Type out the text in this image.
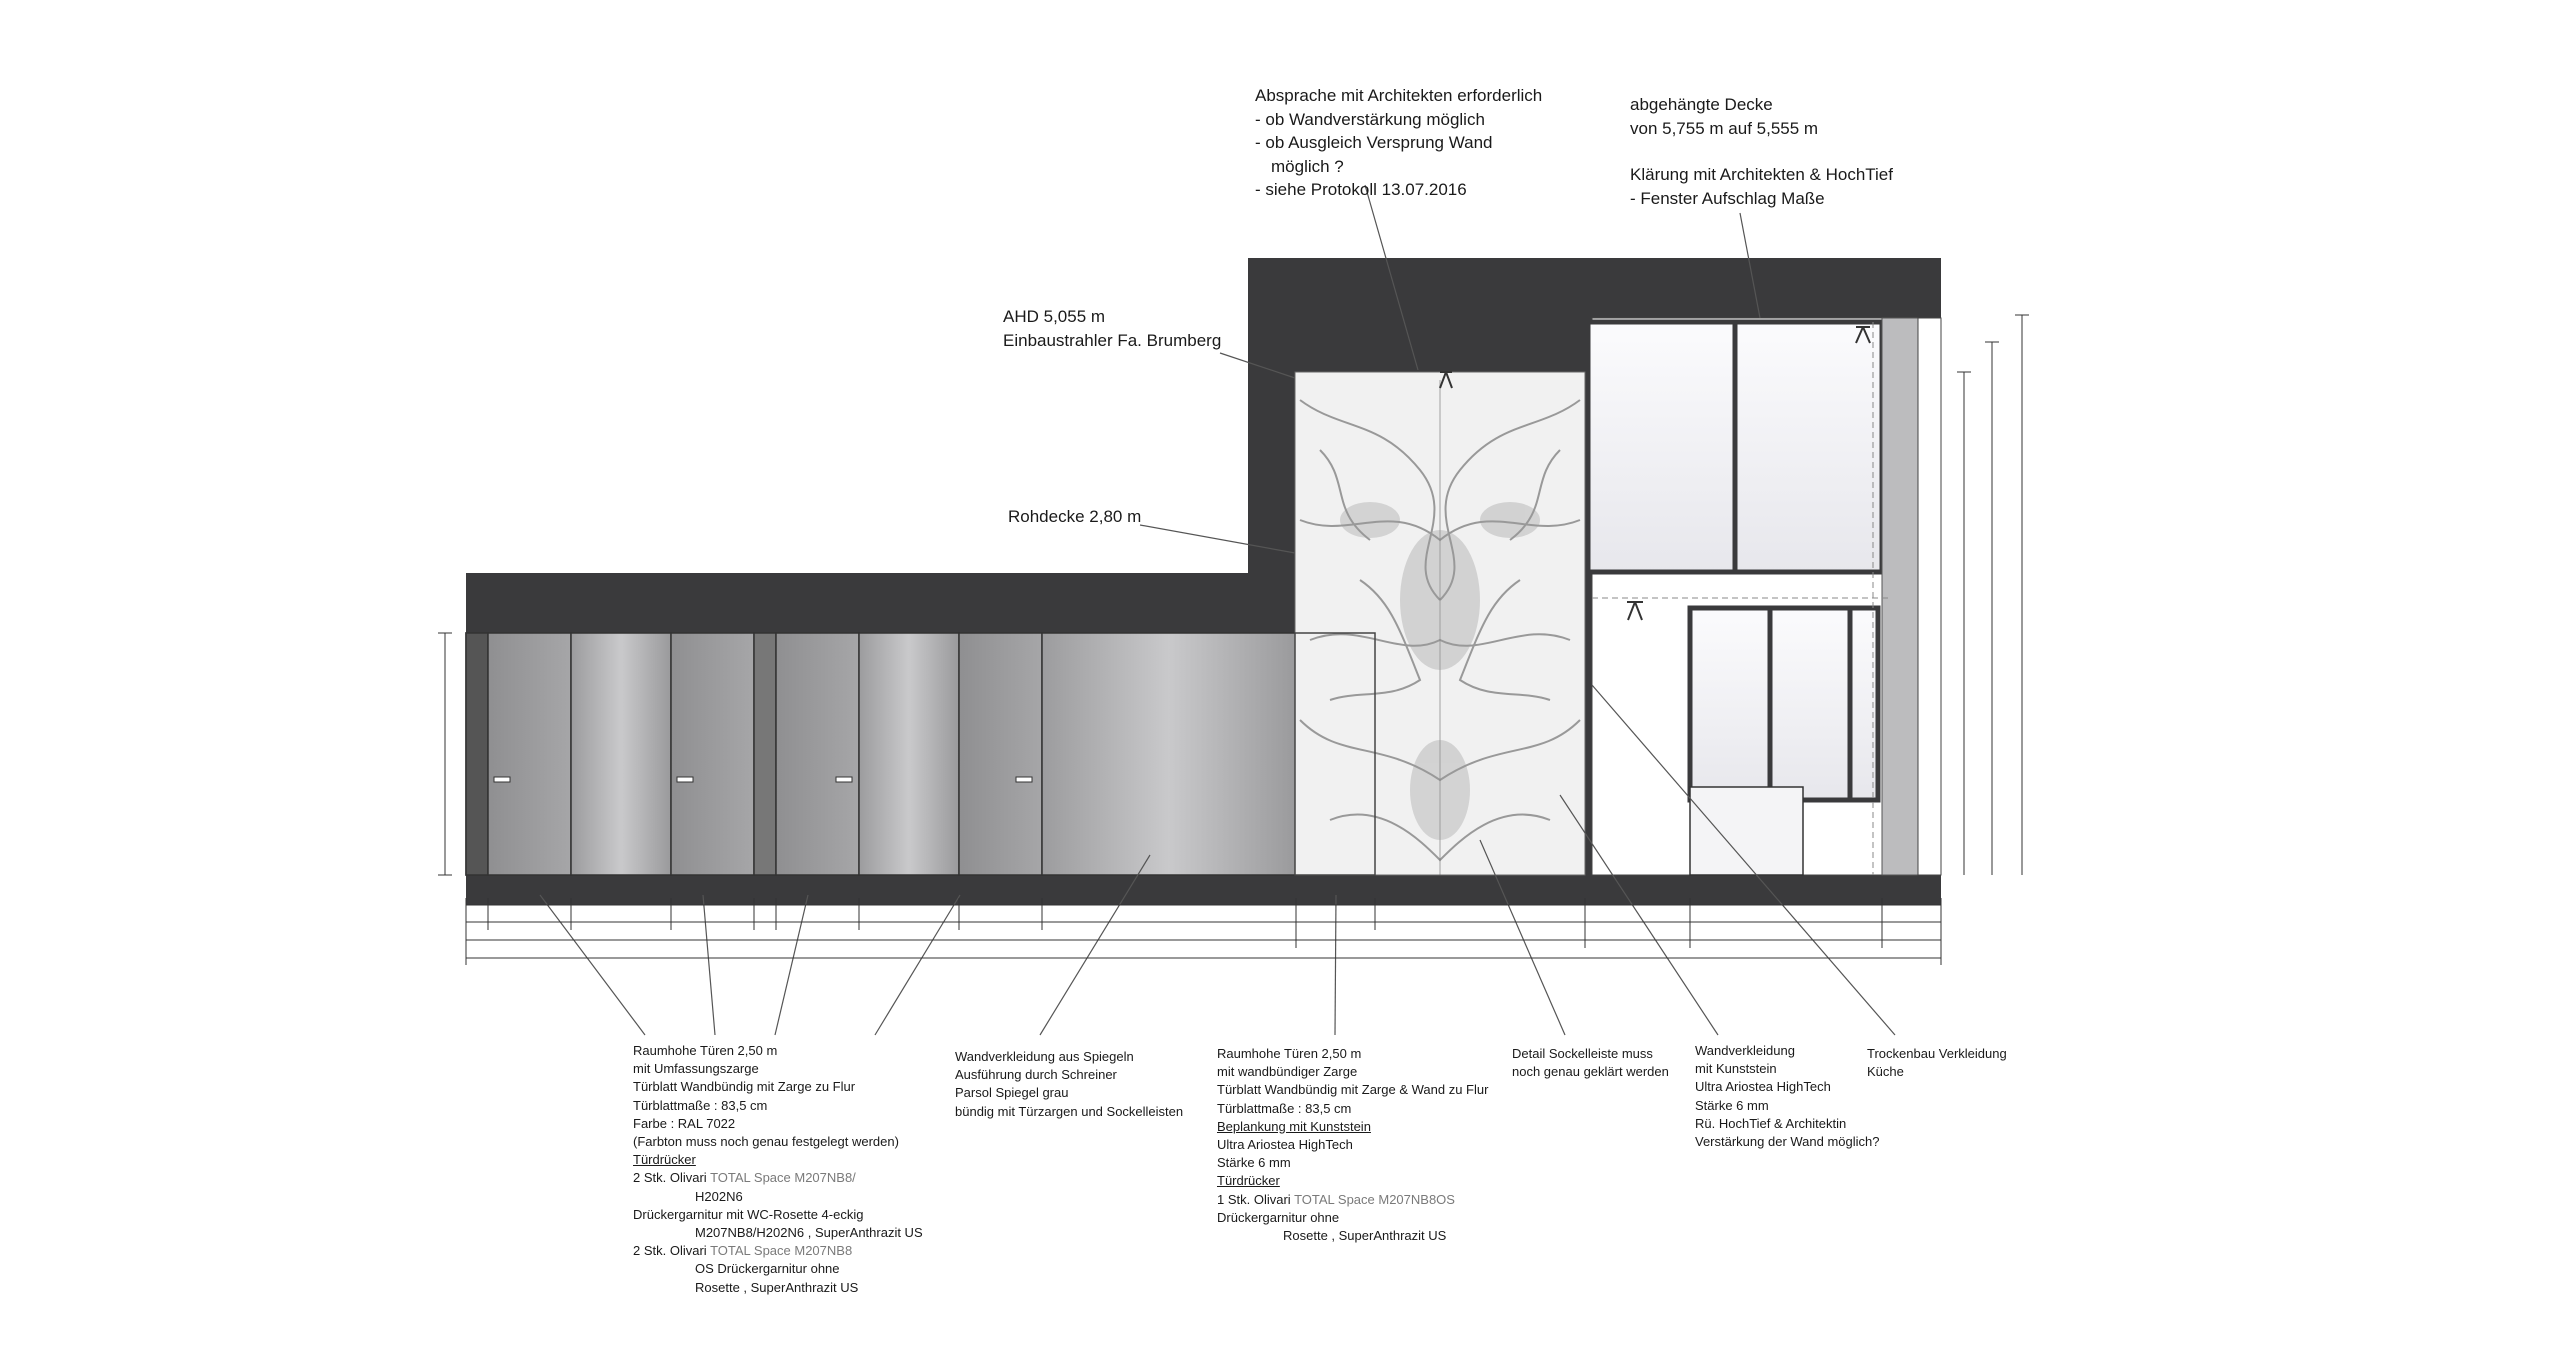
Absprache mit Architekten erforderlich
- ob Wandverstärkung möglich
- ob Ausgleich Versprung Wand
möglich ?
- siehe Protokoll 13.07.2016
abgehängte Decke
von 5,755 m auf 5,555 m
Klärung mit Architekten & HochTief
- Fenster Aufschlag Maße
AHD 5,055 m
Einbaustrahler Fa. Brumberg
Rohdecke 2,80 m
Raumhohe Türen 2,50 m
mit Umfassungszarge
Türblatt Wandbündig mit Zarge zu Flur
Türblattmaße : 83,5 cm
Farbe : RAL 7022
(Farbton muss noch genau festgelegt werden)
Türdrücker
2 Stk. Olivari TOTAL Space M207NB8/
H202N6
Drückergarnitur mit WC-Rosette 4-eckig
M207NB8/H202N6 , SuperAnthrazit US
2 Stk. Olivari TOTAL Space M207NB8
OS Drückergarnitur ohne
Rosette , SuperAnthrazit US
Wandverkleidung aus Spiegeln
Ausführung durch Schreiner
Parsol Spiegel grau
bündig mit Türzargen und Sockelleisten
Raumhohe Türen 2,50 m
mit wandbündiger Zarge
Türblatt Wandbündig mit Zarge & Wand zu Flur
Türblattmaße : 83,5 cm
Beplankung mit Kunststein
Ultra Ariostea HighTech
Stärke 6 mm
Türdrücker
1 Stk. Olivari TOTAL Space M207NB8OS
Drückergarnitur ohne
Rosette , SuperAnthrazit US
Detail Sockelleiste muss
noch genau geklärt werden
Wandverkleidung
mit Kunststein
Ultra Ariostea HighTech
Stärke 6 mm
Rü. HochTief & Architektin
Verstärkung der Wand möglich?
Trockenbau Verkleidung
Küche
